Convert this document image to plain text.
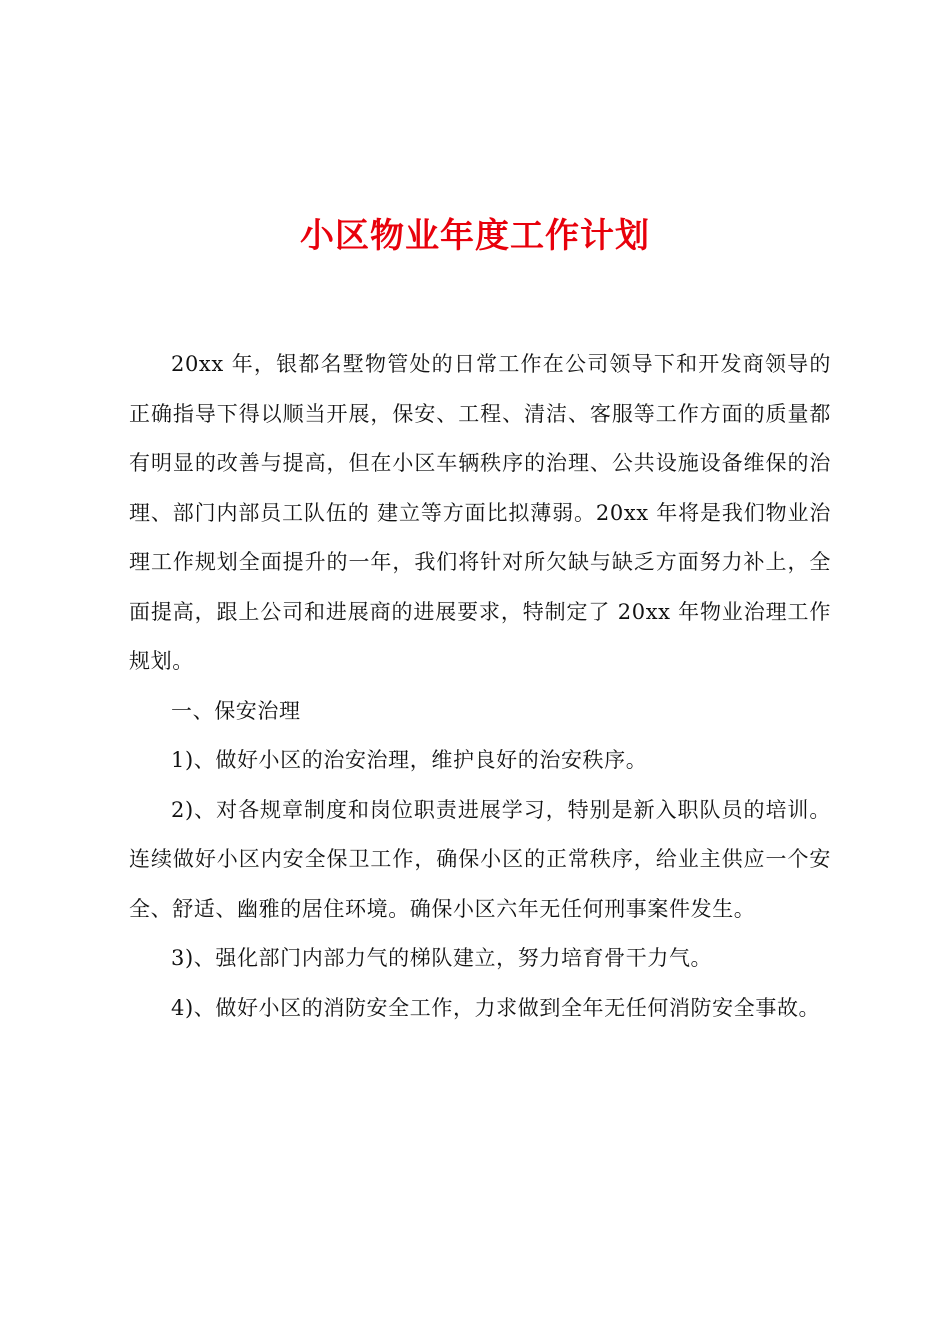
小区物业年度工作计划

20xx 年，银都名墅物管处的日常工作在公司领导下和开发商领导的正确指导下得以顺当开展，保安、工程、清洁、客服等工作方面的质量都有明显的改善与提高，但在小区车辆秩序的治理、公共设施设备维保的治理、部门内部员工队伍的 建立等方面比拟薄弱。20xx 年将是我们物业治理工作规划全面提升的一年，我们将针对所欠缺与缺乏方面努力补上，全面提高，跟上公司和进展商的进展要求，特制定了 20xx 年物业治理工作规划。

一、保安治理

1)、做好小区的治安治理，维护良好的治安秩序。

2)、对各规章制度和岗位职责进展学习，特别是新入职队员的培训。 连续做好小区内安全保卫工作，确保小区的正常秩序，给业主供应一个安全、舒适、幽雅的居住环境。确保小区六年无任何刑事案件发生。

3)、强化部门内部力气的梯队建立，努力培育骨干力气。

4)、做好小区的消防安全工作，力求做到全年无任何消防安全事故。
